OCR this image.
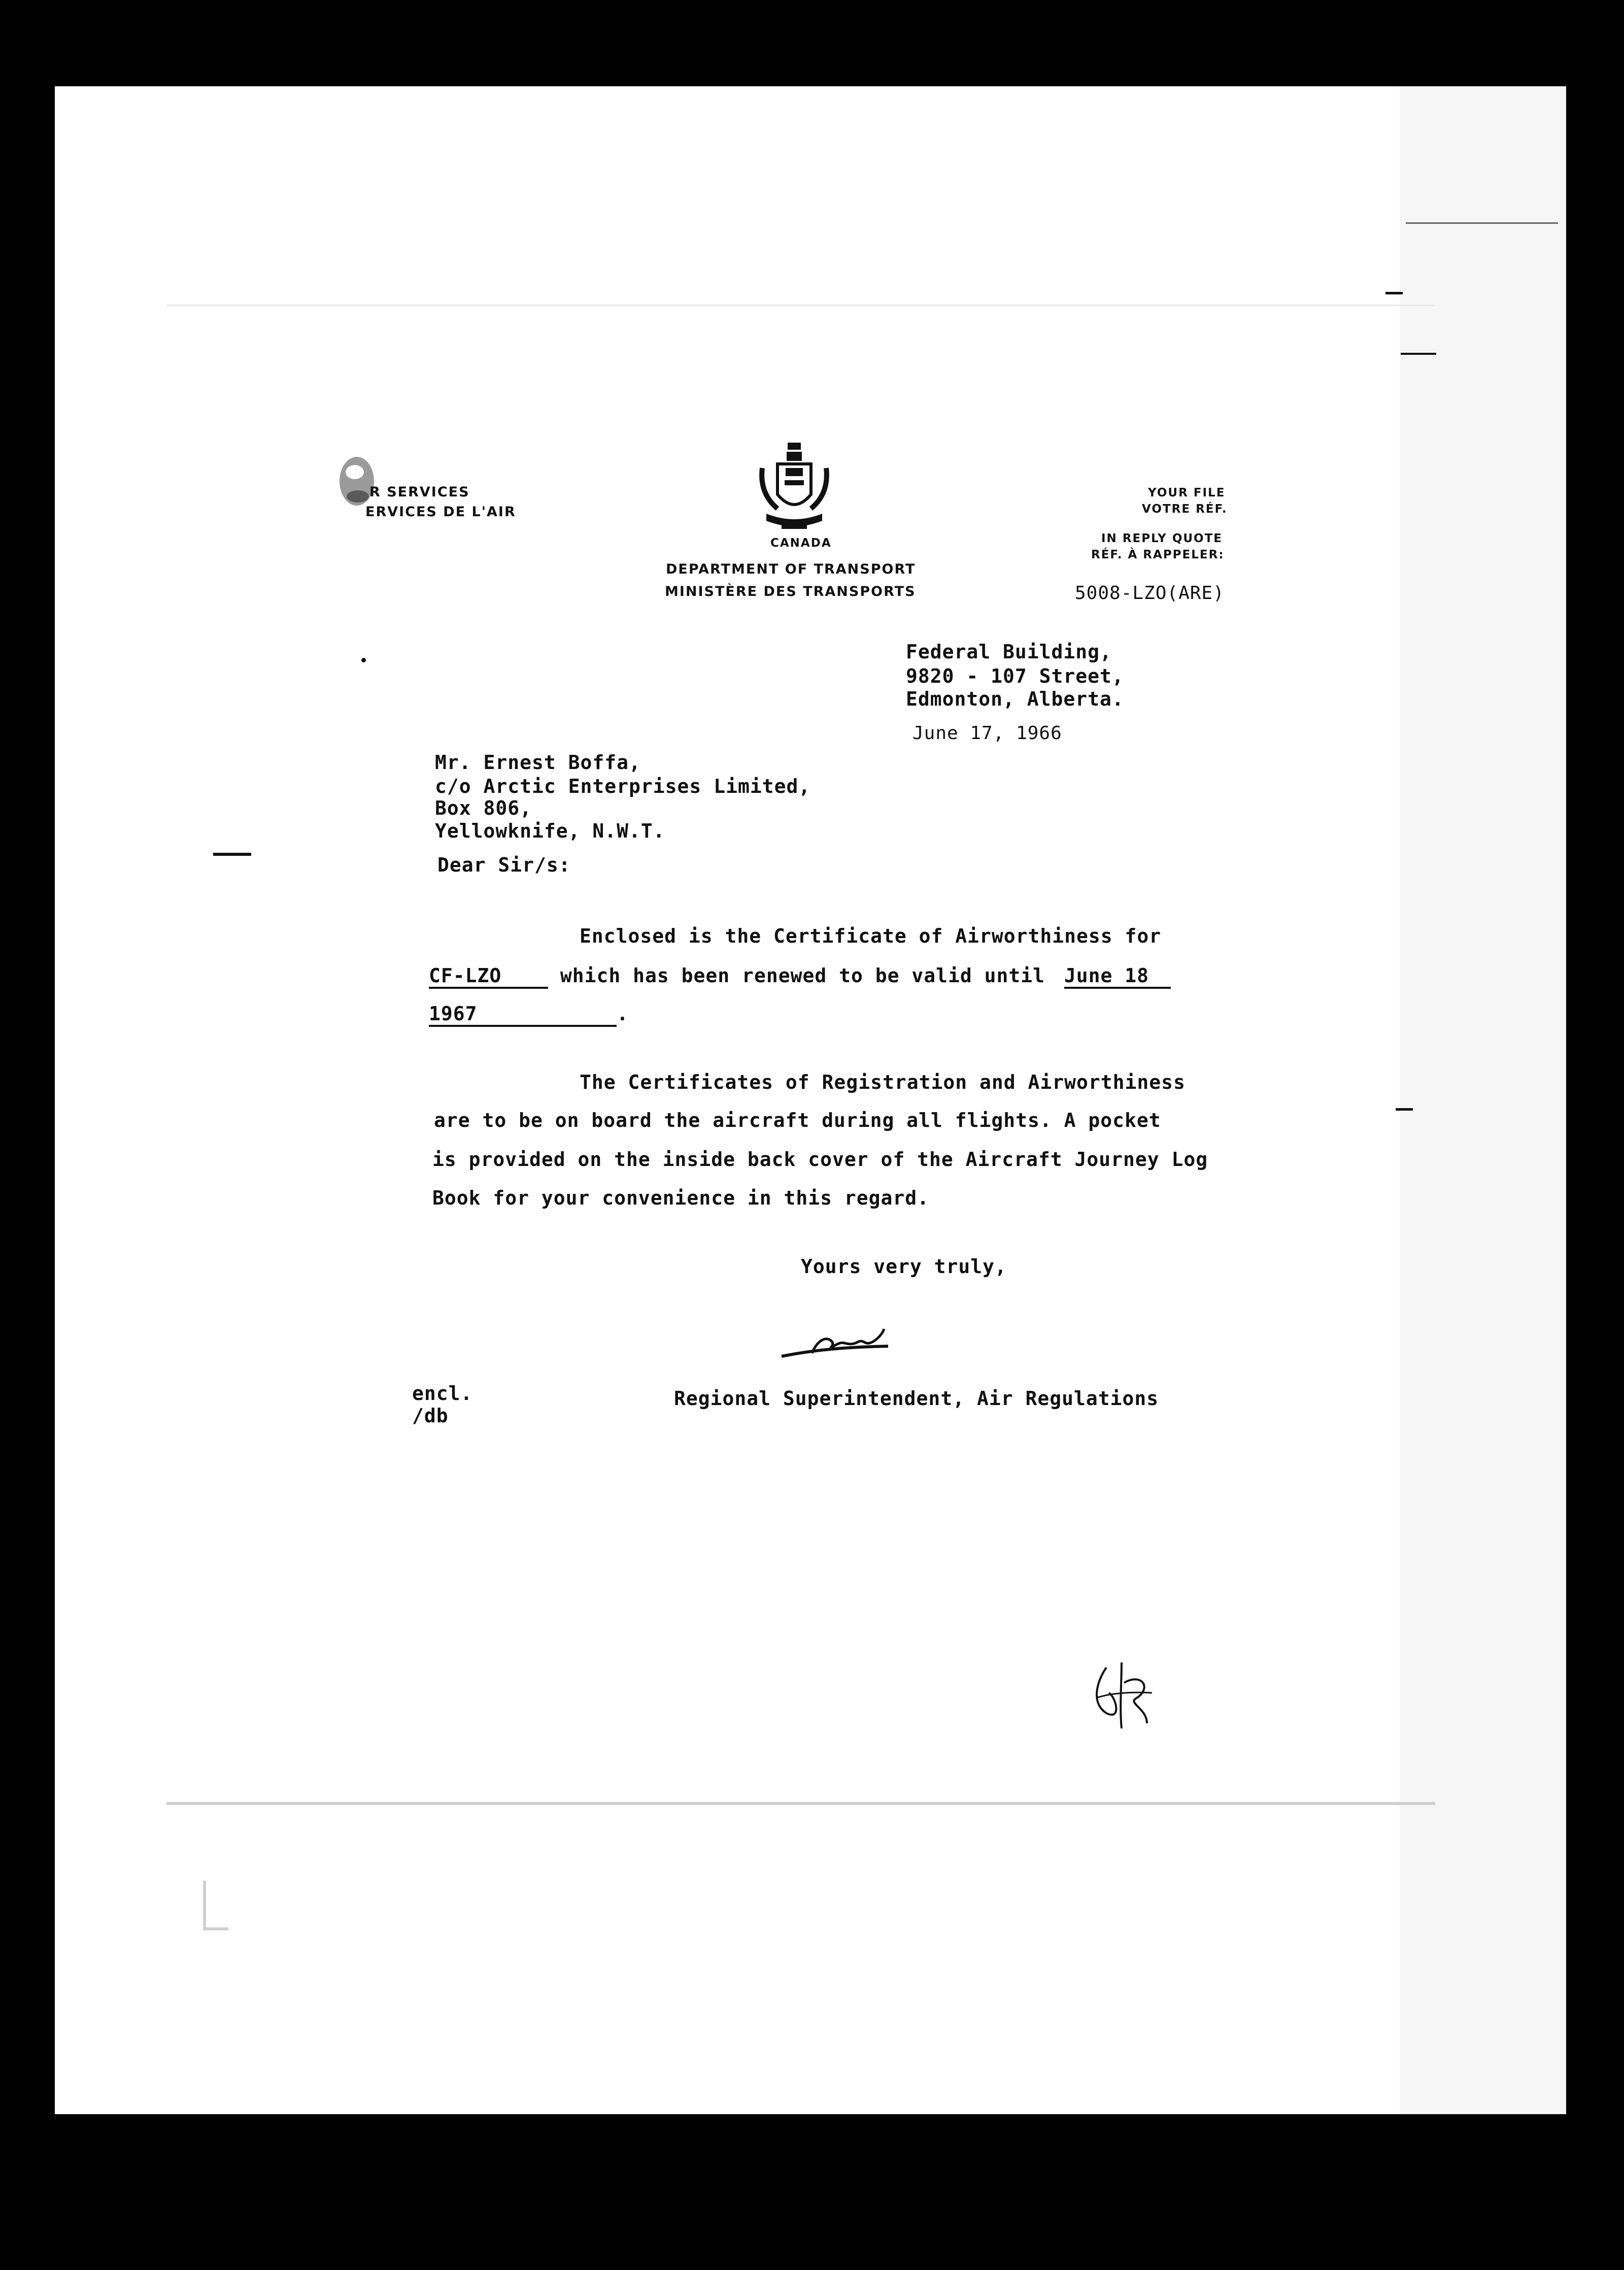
R SERVICES
ERVICES DE L'AIR
CANADA
DEPARTMENT OF TRANSPORT
MINISTÈRE DES TRANSPORTS
YOUR FILE
VOTRE RÉF.
IN REPLY QUOTE
RÉF. À RAPPELER:
5008-LZO(ARE)
Federal Building,
9820 - 107 Street,
Edmonton, Alberta.
June 17, 1966
Mr. Ernest Boffa,
c/o Arctic Enterprises Limited,
Box 806,
Yellowknife, N.W.T.
Dear Sir/s:
Enclosed is the Certificate of Airworthiness for
CF-LZO	which has been renewed to be valid until June 18
1967	.
The Certificates of Registration and Airworthiness
are to be on board the aircraft during all flights. A pocket
is provided on the inside back cover of the Aircraft Journey Log
Book for your convenience in this regard.
Yours very truly,
Regional Superintendent, Air Regulations
encl.
/db
